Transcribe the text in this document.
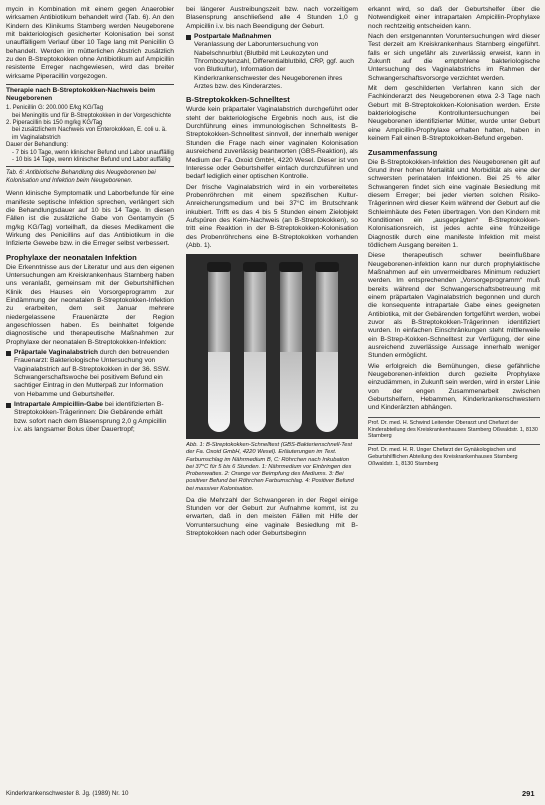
mycin in Kombination mit einem gegen Anaerobier wirksamen Antibiotikum behandelt wird (Tab. 6). An den Kindern des Klinikums Stamberg werden Neugeborene mit bakteriologisch gesicherter Kolonisation bei sonst unauffälligem Verlauf über 10 Tage lang mit Penicillin G behandelt. Werden im mütterlichen Abstrich zusätzlich zu den B-Streptokokken ohne Antibiotikum auf Ampicillin resistente Erreger nachgewiesen, wird das breiter wirksame Piperacillin vorgezogen.

Therapie nach B-Streptokokken-Nachweis beim Neugeborenen
1. Penicillin G: 200.000 E/kg KG/Tag
bei Meningitis und für B-Streptokokken in der Vorgeschichte
2. Piperacillin bis 150 mg/kg KG/Tag
bei zusätzlichem Nachweis von Enterokokken, E. coli u. ä. im Vaginalabstrich
Dauer der Behandlung:
- 7 bis 10 Tage, wenn klinischer Befund und Labor unauffällig
- 10 bis 14 Tage, wenn klinischer Befund und Labor auffällig
Tab. 6: Antibiotische Behandlung des Neugeborenen bei Kolonisation und Infektion beim Neugeborenen.

Wenn klinische Symptomatik und Laborbefunde für eine manifeste septische Infektion sprechen, verlängert sich die Behandlungsdauer auf 10 bis 14 Tage. In diesen Fällen ist die zusätzliche Gabe von Gentamycin (5 mg/kg KG/Tag) vorteilhaft, da dieses Medikament die Wirkung des Penicillins auf das Antibiotikum in die Infizierte Gewebe bzw. in die Erreger selbst verbessert.

Prophylaxe der neonatalen Infektion

Die Erkenntnisse aus der Literatur und aus den eigenen Untersuchungen am Kreiskrankenhaus Starnberg haben uns veranlaßt, gemeinsam mit der Geburtshilflichen Klinik des Hauses ein Vorsorgeprogramm zur Eindämmung der neonatalen B-Streptokokken-Infektion zu erarbeiten, dem seit Januar mehrere niedergelassene Frauenärzte der Region angeschlossen haben. Es beinhaltet folgende diagnostische und therapeutische Maßnahmen zur Prophylaxe der neonatalen B-Streptokokken-Infektion:

Präpartale Vaginalabstrich durch den betreuenden Frauenarzt: Bakteriologische Untersuchung von Vaginalabstrich auf B-Streptokokken in der 36. SSW. Schwangerschaftswoche bei positivem Befund ein sachtiger Eintrag in den Mutterpaß zur Information von Hebamme und Geburtshelfer.
Intrapartale Ampicillin-Gabe bei identifizierten B-Streptokokken-Trägerinnen: Die Gebärende erhält bzw. sofort nach dem Blasensprung 2,0 g Ampicillin i.v. als langsamer Bolus über Dauertropf;

bei längerer Austreibungszeit bzw. nach vorzeitigem Blasensprung anschließend alle 4 Stunden 1,0 g Ampicillin i.v. bis nach Beendigung der Geburt.

Postpartale Maßnahmen
Veranlassung der Laboruntersuchung von Nabelschnurblut (Blutbild mit Leukozyten und Thrombozytenzahl, Differentialblutbild, CRP, ggf. auch von Blutkultur), Information der Kinderkrankenschwester des Neugeborenen ihres Arztes bzw. des Kinderarztes.
B-Streptokokken-Schnelltest

Wurde kein präpartaler Vaginalabstrich durchgeführt oder steht der bakteriologische Ergebnis noch aus, ist die Durchführung eines immunologischen Schnelltests B-Streptokokken-Schnelltest sinnvoll, der innerhalb weniger Stunden die Frage nach einer vaginalen Kolonisation ausreichend zuverlässig beantworten (GBS-Reaktion), als Medium der Fa. Oxoid GmbH, 4220 Wesel. Dieser ist von Interesse oder Geburtshelfer einfach durchzuführen und bedarf lediglich einer optischen Kontrolle.

Der frische Vaginalabstrich wird in ein vorbereitetes Probenröhrchen mit einem spezifischen Kultur-Anreicherungsmedium und bei 37°C im Brutschrank inkubiert. Trifft es das 4 bis 5 Stunden einem Zielobjekt Aufspüren des Keim-Nachweis (an B-Streptokokken), so tritt eine Reaktion in der B-Streptokokken-Kolonisation des Probenröhrchens eine B-Streptokokken vorhanden (Abb. 1).

Abb. 1: B-Streptokokken-Schnelltest (GBS-Bakterienschnell-Test der Fa. Oxoid GmbH, 4220 Wesel). Erläuterungen im Text. Farbumschlag im Nährmedium B, C: Röhrchen nach Inkubation bei 37°C für 5 bis 6 Stunden. 1: Nährmedium vor Einbringen des Probenwattes. 2: Orange vor Beimpfung des Mediums. 3: Bei positiver Befund bei Röhrchen Farbumschlag. 4: Positiver Befund bei massiver Kolonisation.

Da die Mehrzahl der Schwangeren in der Regel einige Stunden vor der Geburt zur Aufnahme kommt, ist zu erwarten, daß in den meisten Fällen mit Hilfe der Vorruntersuchung eine vaginale Besiedlung mit B-Streptokokken nach oder Geburtsbeginn

erkannt wird, so daß der Geburtshelfer über die Notwendigkeit einer intrapartalen Ampicillin-Prophylaxe noch rechtzeitig entscheiden kann.

Nach den erstgenannten Voruntersuchungen wird dieser Test derzeit am Kreiskrankenhaus Starnberg eingeführt. falls er sich ungefähr als zuverlässig erweist, kann in Zukunft auf die emptohlene bakteriologische Untersuchung des Vaginalabstrichs im Rahmen der Schwangerschaftsvorsorge verzichtet werden.

Mit dem geschilderten Verfahren kann sich der Fachkinderarzt des Neugeborenen etwa 2-3 Tage nach Geburt mit B-Streptokokken-Kolonisation werden. Erste bakteriologische Kontrolluntersuchungen bei Neugeborenen identifizierter Mütter, wurde unter Geburt eine Ampicillin-Prophylaxe erhalten hatten, haben in keinem Fall einen B-Streptokokken-Befund ergeben.

Zusammenfassung

Die B-Streptokokken-Infektion des Neugeborenen gilt auf Grund ihrer hohen Mortalität und Morbidität als eine der schwersten perinatalen Infektionen. Bei 25 % aller Schwangeren findet sich eine vaginale Besiedlung mit diesem Erreger; bei jeder vierten solchen Risiko-Trägerinnen wird dieser Keim während der Geburt auf die Schleimhäute des Feten übertragen. Von den Kindern mit Konditionen ein „ausgeprägten“ B-Streptokokken-Kolonisationsreich, ist jedes achte eine frühzeitige Diagnostik durch eine manifeste Infektion mit meist tödlichem Ausgang bereiten 1.

Diese therapeutisch schwer beeinflußbare Neugeborenen-infektion kann nur durch prophylaktische Maßnahmen auf ein unvermeidbares Minimum reduziert werden. Im entsprechenden „Vorsorgeprogramm“ muß bereits während der Schwangerschaftsbetreuung mit einem präpartalen Vaginalabstrich begonnen und durch die konsequente intrapartale Gabe eines geeigneten Antibiotika, mit der Gebärenden fortgeführt werden, wobei zuvor als B-Streptokokken-Trägerinnen identifiziert wurden. In einfachen Einschränkungen steht mittlerweile ein B-Strep-Kokken-Schnelltest zur Verfügung, der eine ausreichend zuverlässige Aussage innerhalb weniger Stunden ermöglicht.

Wie erfolgreich die Bemühungen, diese gefährliche Neugeborenen-infektion durch gezielte Prophylaxe einzudämmen, in Zukunft sein werden, wird in erster Linie von der engen Zusammenarbeit zwischen Geburtshelfern, Hebammen, Kinderkrankenschwestern und Kinderärzten abhängen.

Prof. Dr. med. H. Schwind Leitender Oberarzt und Chefarzt der Kinderabteilung des Kreiskrankenhauses Starnberg Oßwaldstr. 1, 8130 Starnberg
Prof. Dr. med. H. R. Unger Chefarzt der Gynäkologischen und Geburtshilflichen Abteilung des Kreiskrankenhauses Starnberg Oßwaldstr. 1, 8130 Starnberg
Kinderkrankenschwester 8. Jg. (1989) Nr. 10	291
